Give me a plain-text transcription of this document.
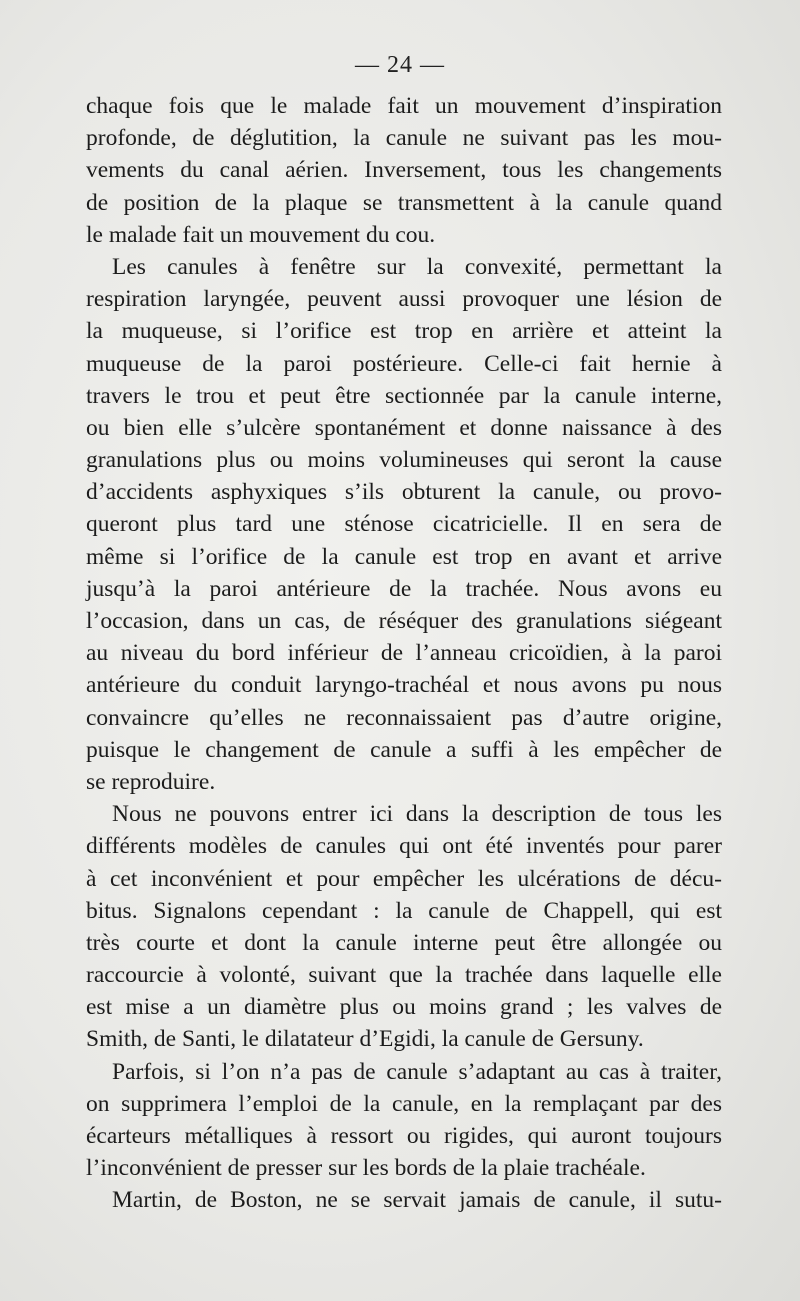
— 24 —
chaque fois que le malade fait un mouvement d’inspiration
profonde, de déglutition, la canule ne suivant pas les mou-
vements du canal aérien. Inversement, tous les changements
de position de la plaque se transmettent à la canule quand
le malade fait un mouvement du cou.
Les canules à fenêtre sur la convexité, permettant la
respiration laryngée, peuvent aussi provoquer une lésion de
la muqueuse, si l’orifice est trop en arrière et atteint la
muqueuse de la paroi postérieure. Celle-ci fait hernie à
travers le trou et peut être sectionnée par la canule interne,
ou bien elle s’ulcère spontanément et donne naissance à des
granulations plus ou moins volumineuses qui seront la cause
d’accidents asphyxiques s’ils obturent la canule, ou provo-
queront plus tard une sténose cicatricielle. Il en sera de
même si l’orifice de la canule est trop en avant et arrive
jusqu’à la paroi antérieure de la trachée. Nous avons eu
l’occasion, dans un cas, de réséquer des granulations siégeant
au niveau du bord inférieur de l’anneau cricoïdien, à la paroi
antérieure du conduit laryngo-trachéal et nous avons pu nous
convaincre qu’elles ne reconnaissaient pas d’autre origine,
puisque le changement de canule a suffi à les empêcher de
se reproduire.
Nous ne pouvons entrer ici dans la description de tous les
différents modèles de canules qui ont été inventés pour parer
à cet inconvénient et pour empêcher les ulcérations de décu-
bitus. Signalons cependant : la canule de Chappell, qui est
très courte et dont la canule interne peut être allongée ou
raccourcie à volonté, suivant que la trachée dans laquelle elle
est mise a un diamètre plus ou moins grand ; les valves de
Smith, de Santi, le dilatateur d’Egidi, la canule de Gersuny.
Parfois, si l’on n’a pas de canule s’adaptant au cas à traiter,
on supprimera l’emploi de la canule, en la remplaçant par des
écarteurs métalliques à ressort ou rigides, qui auront toujours
l’inconvénient de presser sur les bords de la plaie trachéale.
Martin, de Boston, ne se servait jamais de canule, il sutu-
